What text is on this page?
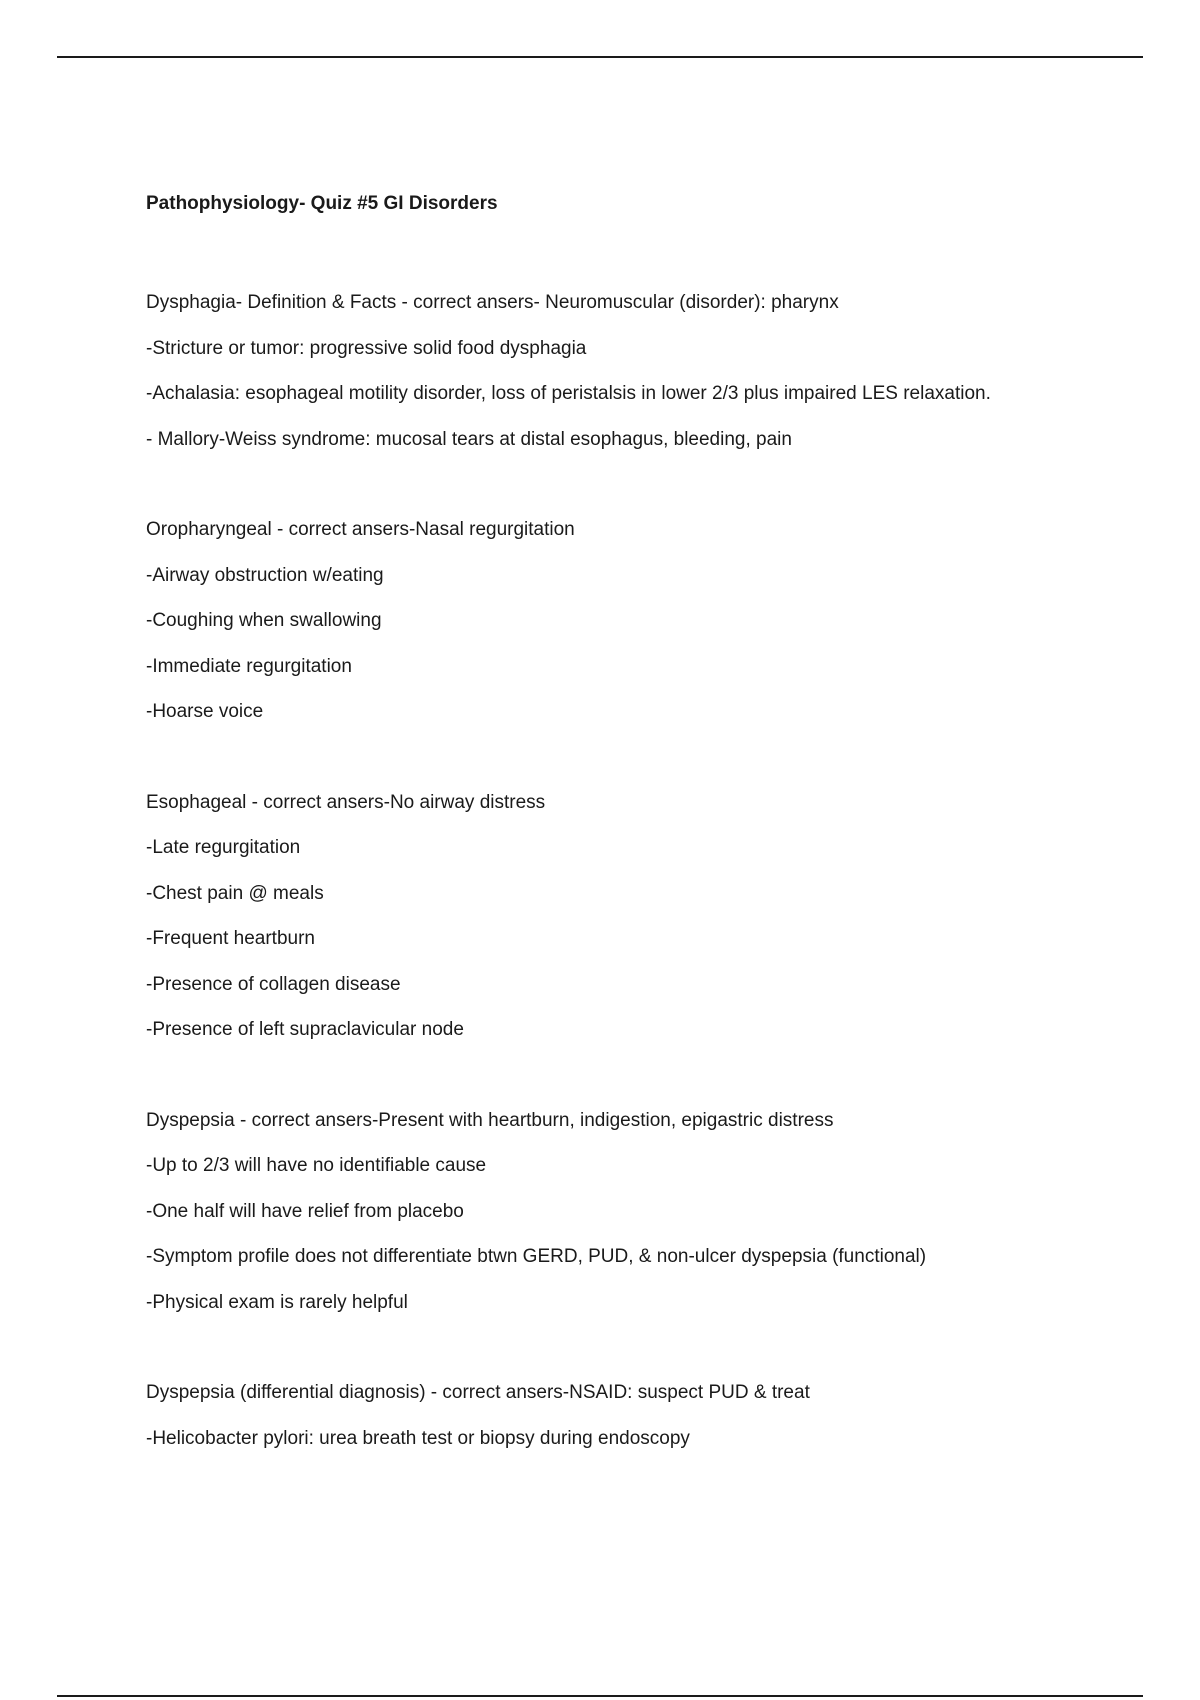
Pathophysiology- Quiz #5 GI Disorders
Dysphagia- Definition & Facts - correct ansers- Neuromuscular (disorder): pharynx
-Stricture or tumor: progressive solid food dysphagia
-Achalasia: esophageal motility disorder, loss of peristalsis in lower 2/3 plus impaired LES relaxation.
- Mallory-Weiss syndrome: mucosal tears at distal esophagus, bleeding, pain
Oropharyngeal - correct ansers-Nasal regurgitation
-Airway obstruction w/eating
-Coughing when swallowing
-Immediate regurgitation
-Hoarse voice
Esophageal - correct ansers-No airway distress
-Late regurgitation
-Chest pain @ meals
-Frequent heartburn
-Presence of collagen disease
-Presence of left supraclavicular node
Dyspepsia - correct ansers-Present with heartburn, indigestion, epigastric distress
-Up to 2/3 will have no identifiable cause
-One half will have relief from placebo
-Symptom profile does not differentiate btwn GERD, PUD, & non-ulcer dyspepsia (functional)
-Physical exam is rarely helpful
Dyspepsia (differential diagnosis) - correct ansers-NSAID: suspect PUD & treat
-Helicobacter pylori: urea breath test or biopsy during endoscopy
